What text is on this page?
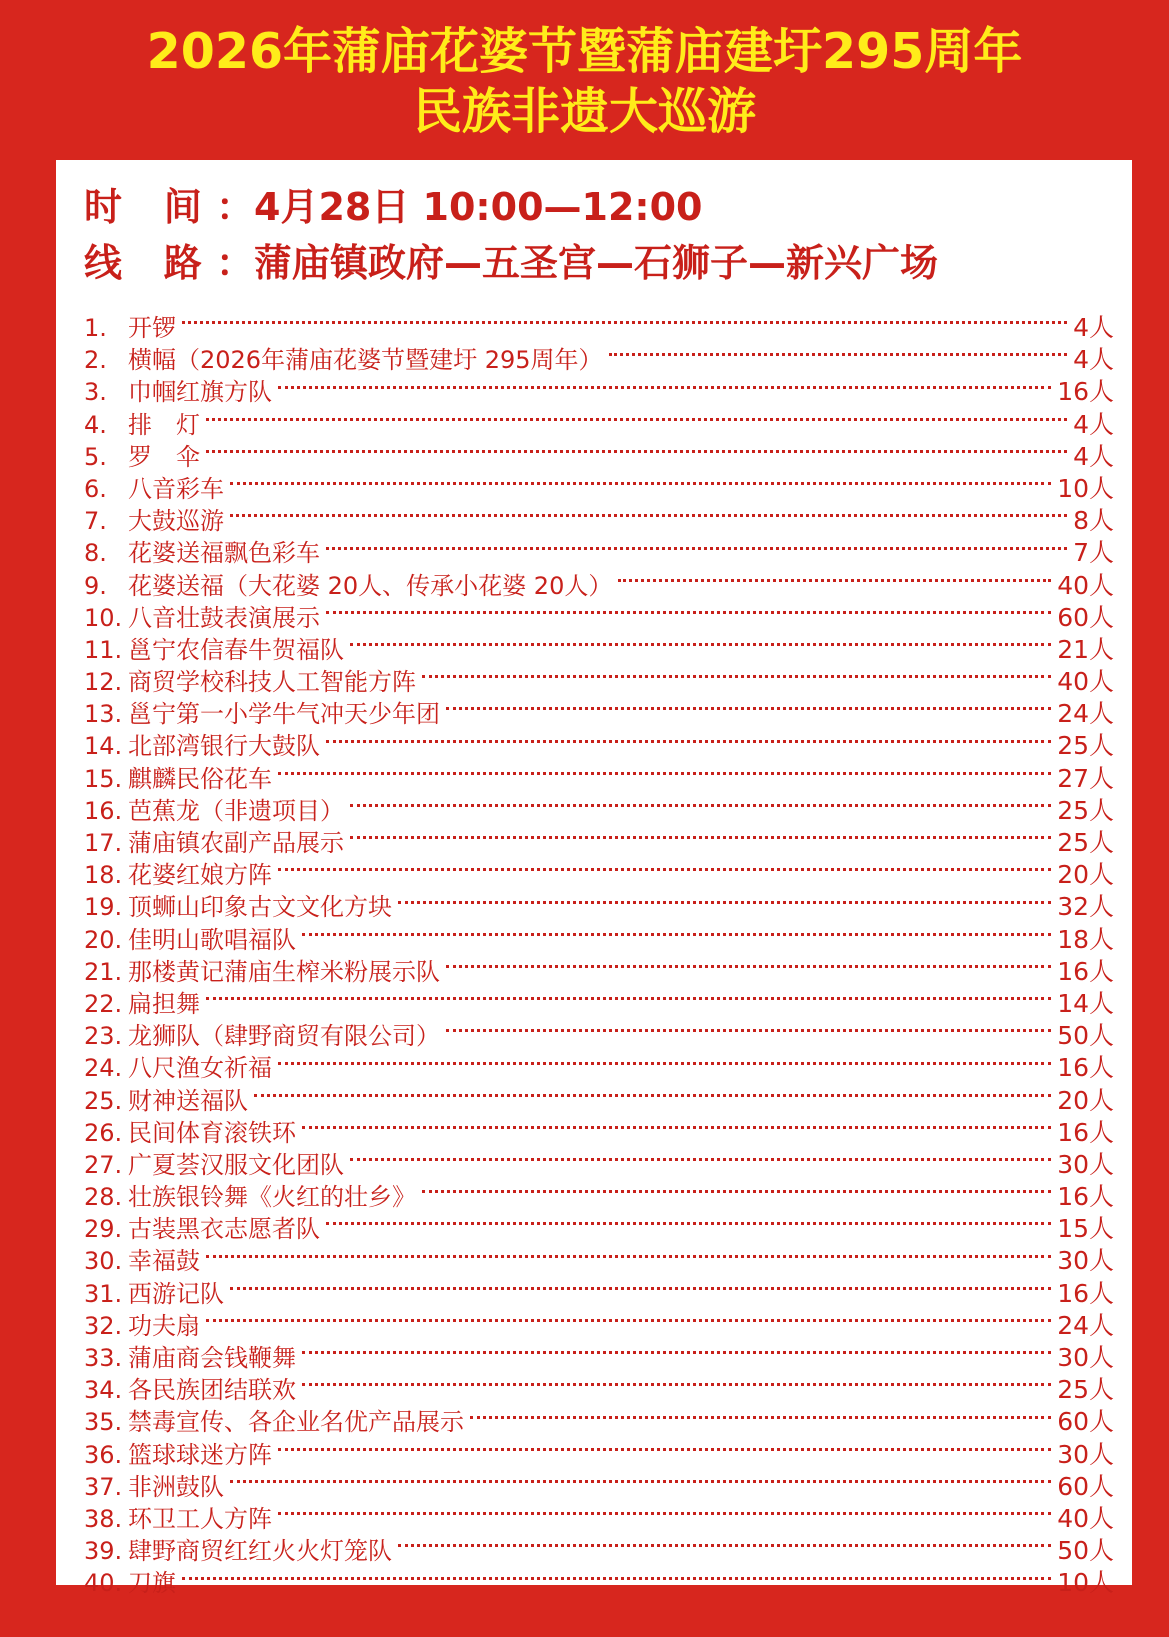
2026年蒲庙花婆节暨蒲庙建圩295周年
民族非遗大巡游
时 间：4月28日 10:00—12:00
线 路：蒲庙镇政府—五圣宫—石狮子—新兴广场
1. 开锣	4人
2. 横幅（2026年蒲庙花婆节暨建圩 295周年）	4人
3. 巾帼红旗方队	16人
4. 排　灯	4人
5. 罗　伞	4人
6. 八音彩车	10人
7. 大鼓巡游	8人
8. 花婆送福飘色彩车	7人
9. 花婆送福（大花婆 20人、传承小花婆 20人）	40人
10. 八音壮鼓表演展示	60人
11. 邕宁农信春牛贺福队	21人
12. 商贸学校科技人工智能方阵	40人
13. 邕宁第一小学牛气冲天少年团	24人
14. 北部湾银行大鼓队	25人
15. 麒麟民俗花车	27人
16. 芭蕉龙（非遗项目）	25人
17. 蒲庙镇农副产品展示	25人
18. 花婆红娘方阵	20人
19. 顶蛳山印象古文文化方块	32人
20. 佳明山歌唱福队	18人
21. 那楼黄记蒲庙生榨米粉展示队	16人
22. 扁担舞	14人
23. 龙狮队（肆野商贸有限公司）	50人
24. 八尺渔女祈福	16人
25. 财神送福队	20人
26. 民间体育滚铁环	16人
27. 广夏荟汉服文化团队	30人
28. 壮族银铃舞《火红的壮乡》	16人
29. 古装黑衣志愿者队	15人
30. 幸福鼓	30人
31. 西游记队	16人
32. 功夫扇	24人
33. 蒲庙商会钱鞭舞	30人
34. 各民族团结联欢	25人
35. 禁毒宣传、各企业名优产品展示	60人
36. 篮球球迷方阵	30人
37. 非洲鼓队	60人
38. 环卫工人方阵	40人
39. 肆野商贸红红火火灯笼队	50人
40. 刀旗	10人
